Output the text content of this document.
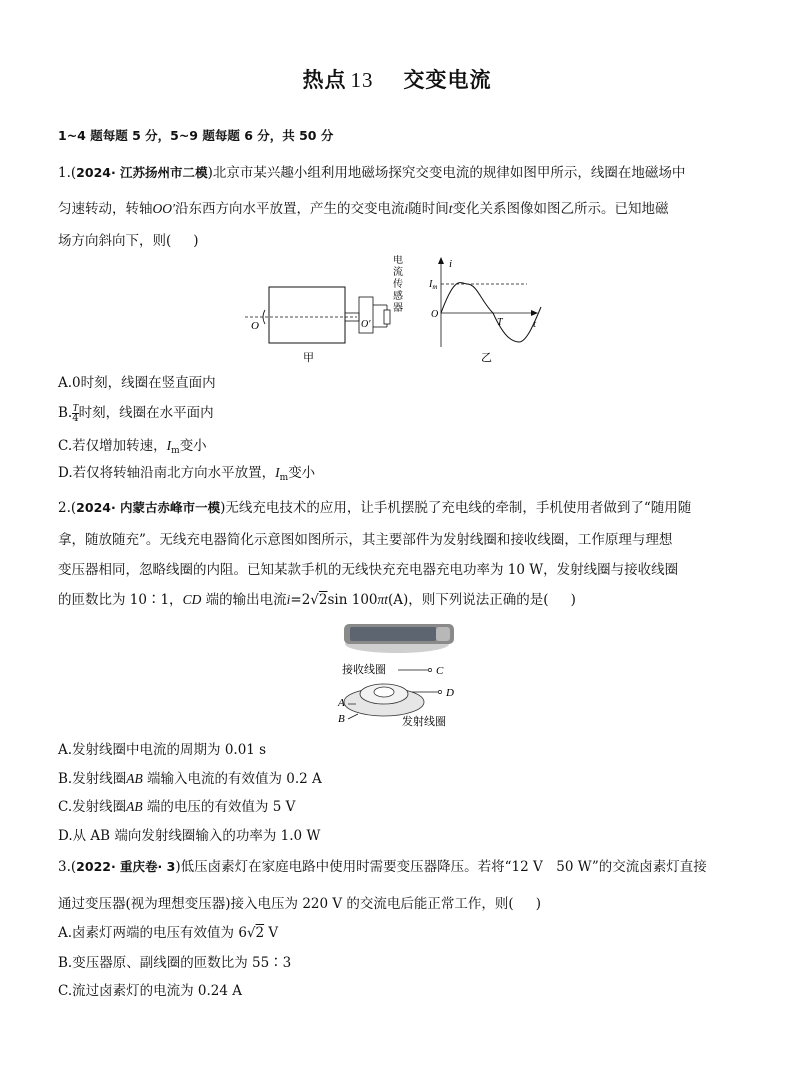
热点 13 交变电流
1~4 题每题 5 分，5~9 题每题 6 分，共 50 分
1.(2024· 江苏扬州市二模)北京市某兴趣小组利用地磁场探究交变电流的规律如图甲所示，线圈在地磁场中
匀速转动，转轴OO′沿东西方向水平放置，产生的交变电流i随时间t变化关系图像如图乙所示。已知地磁
场方向斜向下，则( )
O	O′
电
流
传
感
器
甲
i
t
$I_m$
O
T
乙
A.0时刻，线圈在竖直面内
B. $\frac{T}{4}$ 时刻，线圈在水平面内
C.若仅增加转速，$I_m$变小
D.若仅将转轴沿南北方向水平放置，$I_m$变小
2.(2024· 内蒙古赤峰市一模)无线充电技术的应用，让手机摆脱了充电线的牵制，手机使用者做到了“随用随
拿，随放随充”。无线充电器简化示意图如图所示，其主要部件为发射线圈和接收线圈，工作原理与理想
变压器相同，忽略线圈的内阻。已知某款手机的无线快充充电器充电功率为 10 W，发射线圈与接收线圈
的匝数比为 10∶1，CD 端的输出电流i=2√2sin 100πt(A)，则下列说法正确的是( )
接收线圈	C
D
A
B	发射线圈
A.发射线圈中电流的周期为 0.01 s
B.发射线圈AB 端输入电流的有效值为 0.2 A
C.发射线圈AB 端的电压的有效值为 5 V
D.从 AB 端向发射线圈输入的功率为 1.0 W
3.(2022· 重庆卷· 3)低压卤素灯在家庭电路中使用时需要变压器降压。若将“12 V　50 W”的交流卤素灯直接
通过变压器(视为理想变压器)接入电压为 220 V 的交流电后能正常工作，则( )
A.卤素灯两端的电压有效值为 6√2 V
B.变压器原、副线圈的匝数比为 55∶3
C.流过卤素灯的电流为 0.24 A
